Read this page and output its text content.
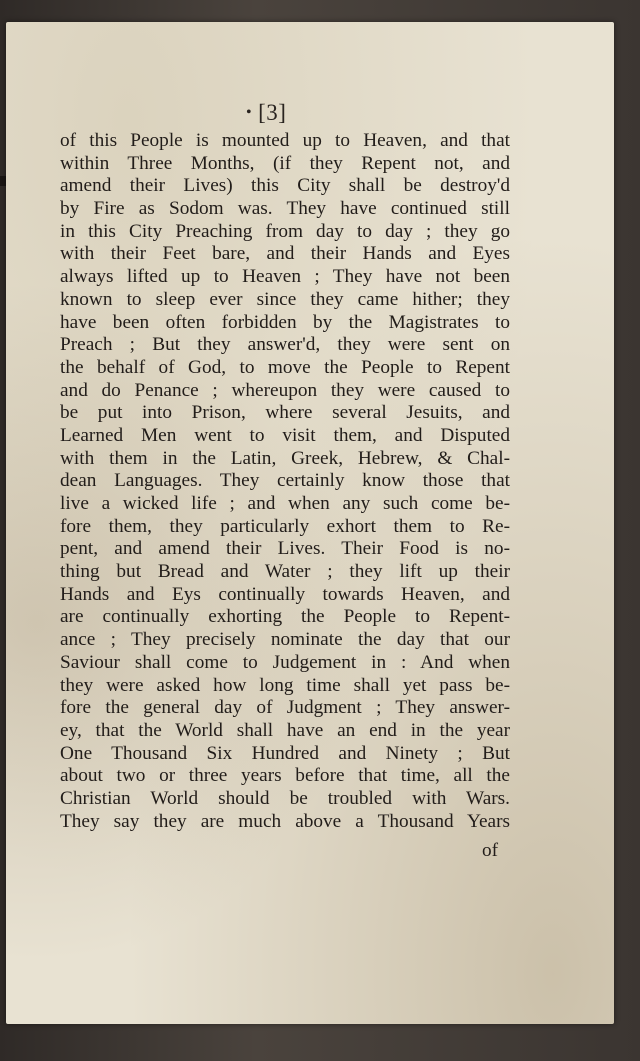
• [3]
of this People is mounted up to Heaven, and that
within Three Months, (if they Repent not, and
amend their Lives) this City shall be destroy'd
by Fire as Sodom was. They have continued still
in this City Preaching from day to day ; they go
with their Feet bare, and their Hands and Eyes
always lifted up to Heaven ; They have not been
known to sleep ever since they came hither; they
have been often forbidden by the Magistrates to
Preach ; But they answer'd, they were sent on
the behalf of God, to move the People to Repent
and do Penance ; whereupon they were caused to
be put into Prison, where several Jesuits, and
Learned Men went to visit them, and Disputed
with them in the Latin, Greek, Hebrew, & Chal-
dean Languages. They certainly know those that
live a wicked life ; and when any such come be-
fore them, they particularly exhort them to Re-
pent, and amend their Lives. Their Food is no-
thing but Bread and Water ; they lift up their
Hands and Eys continually towards Heaven, and
are continually exhorting the People to Repent-
ance ; They precisely nominate the day that our
Saviour shall come to Judgement in : And when
they were asked how long time shall yet pass be-
fore the general day of Judgment ; They answer-
ey, that the World shall have an end in the year
One Thousand Six Hundred and Ninety ; But
about two or three years before that time, all the
Christian World should be troubled with Wars.
They say they are much above a Thousand Years
of
